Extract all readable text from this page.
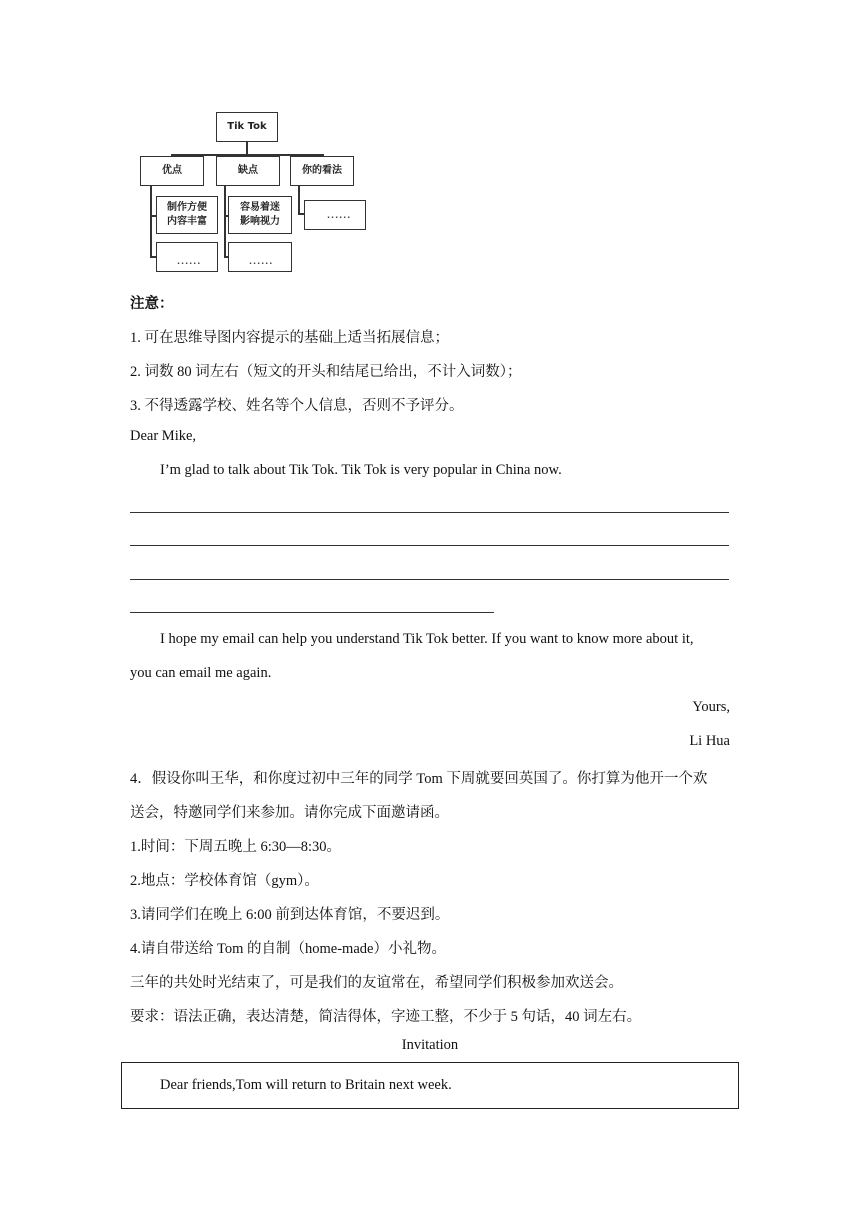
Tik Tok
优点	缺点	你的看法
制作方便
内容丰富
容易着迷
影响视力
......
......	......
注意：
1. 可在思维导图内容提示的基础上适当拓展信息；
2. 词数 80 词左右（短文的开头和结尾已给出，不计入词数）；
3. 不得透露学校、姓名等个人信息，否则不予评分。
Dear Mike,
I’m glad to talk about Tik Tok. Tik Tok is very popular in China now.
I hope my email can help you understand Tik Tok better. If you want to know more about it,
you can email me again.
Yours,
Li Hua
4．假设你叫王华，和你度过初中三年的同学 Tom 下周就要回英国了。你打算为他开一个欢
送会，特邀同学们来参加。请你完成下面邀请函。
1.时间：下周五晚上 6:30—8:30。
2.地点：学校体育馆（gym）。
3.请同学们在晚上 6:00 前到达体育馆，不要迟到。
4.请自带送给 Tom 的自制（home-made）小礼物。
三年的共处时光结束了，可是我们的友谊常在，希望同学们积极参加欢送会。
要求：语法正确，表达清楚，简洁得体，字迹工整，不少于 5 句话，40 词左右。
Invitation
Dear friends,Tom will return to Britain next week.
